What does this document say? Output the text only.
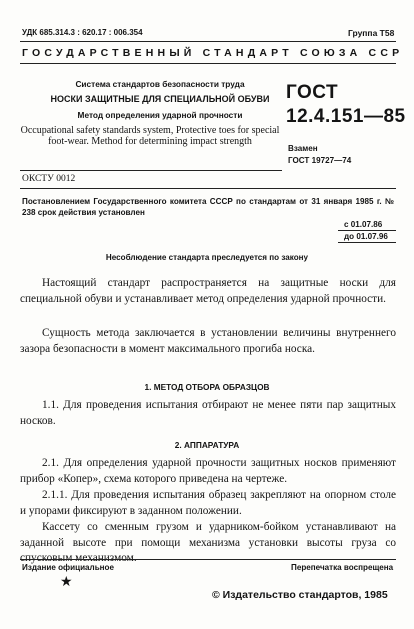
УДК 685.314.3 : 620.17 : 006.354	Группа Т58
ГОСУДАРСТВЕННЫЙ СТАНДАРТ СОЮЗА ССР
Система стандартов безопасности труда
НОСКИ ЗАЩИТНЫЕ ДЛЯ СПЕЦИАЛЬНОЙ ОБУВИ
Метод определения ударной прочности
Occupational safety standards system, Protective toes for special foot-wear. Method for determining impact strength
ГОСТ
12.4.151—85
Взамен
ГОСТ 19727—74
ОКСТУ 0012
Постановлением Государственного комитета СССР по стандартам от 31 января 1985 г. № 238 срок действия установлен
с 01.07.86
до 01.07.96
Несоблюдение стандарта преследуется по закону
Настоящий стандарт распространяется на защитные носки для специальной обуви и устанавливает метод определения ударной прочности.
Сущность метода заключается в установлении величины внутреннего зазора безопасности в момент максимального прогиба носка.
1. МЕТОД ОТБОРА ОБРАЗЦОВ
1.1. Для проведения испытания отбирают не менее пяти пар защитных носков.
2. АППАРАТУРА
2.1. Для определения ударной прочности защитных носков применяют прибор «Копер», схема которого приведена на чертеже.
2.1.1. Для проведения испытания образец закрепляют на опорном столе и упорами фиксируют в заданном положении.
Кассету со сменным грузом и ударником-бойком устанавливают на заданной высоте при помощи механизма установки высоты груза со спусковым механизмом.
Издание официальное	Перепечатка воспрещена
★
© Издательство стандартов, 1985
